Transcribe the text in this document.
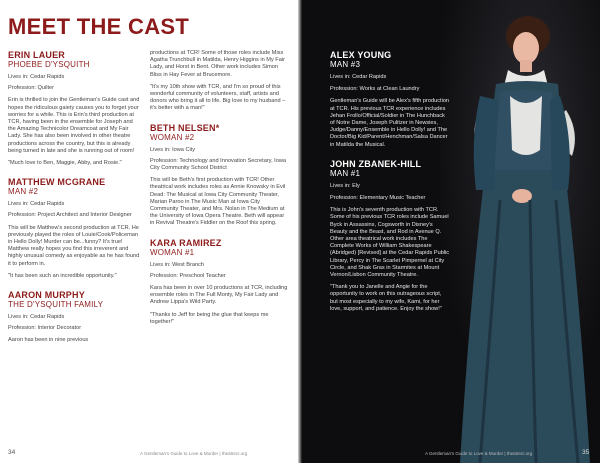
MEET THE CAST
ERIN LAUER
PHOEBE D'YSQUITH
Lives in: Cedar Rapids

Profession: Quilter

Erin is thrilled to join the Gentleman's Guide cast and hopes the ridiculous gaiety causes you to forget your worries for a while. This is Erin's third production at TCR, having been in the ensemble for Joseph and the Amazing Technicolor Dreamcoat and My Fair Lady. She has also been involved in other theatre productions across the country, but this is already being turned in late and she is running out of room!

"Much love to Ben, Maggie, Abby, and Rosie."

MATTHEW MCGRANE
MAN #2
Lives in: Cedar Rapids

Profession: Project Architect and Interior Designer

This will be Matthew's second production at TCR. He previously played the roles of Louie/Cook/Policeman in Hello Dolly! Murder can be...funny? It's true! Matthew really hopes you find this irreverent and highly unusual comedy as enjoyable as he has found it to perform in.

"It has been such an incredible opportunity."

AARON MURPHY
THE D'YSQUITH FAMILY
Lives in: Cedar Rapids

Profession: Interior Decorator

Aaron has been in nine previous

productions at TCR! Some of those roles include Miss Agatha Trunchbull in Matilda, Henry Higgins in My Fair Lady, and Horst in Bent. Other work includes Simon Bliss in Hay Fever at Brucemore.

"It's my 10th show with TCR, and I'm so proud of this wonderful community of volunteers, staff, artists and donors who bring it all to life. Big love to my husband – it's better with a man!"

BETH NELSEN*
WOMAN #2
Lives in: Iowa City

Profession: Technology and Innovation Secretary, Iowa City Community School District

This will be Beth's first production with TCR! Other theatrical work includes roles as Annie Knowsky in Evil Dead: The Musical at Iowa City Community Theater, Marian Paroo in The Music Man at Iowa City Community Theater, and Mrs. Nolan in The Medium at the University of Iowa Opera Theatre. Beth will appear in Revival Theatre's Fiddler on the Roof this spring.

KARA RAMIREZ
WOMAN #1
Lives in: West Branch

Profession: Preschool Teacher

Kara has been in over 10 productions at TCR, including ensemble roles in The Full Monty, My Fair Lady and Andrew Lippa's Wild Party.

"Thanks to Jeff for being the glue that keeps me together!"

ALEX YOUNG
MAN #3

Lives in: Cedar Rapids

Profession: Works at Clean Laundry

Gentleman's Guide will be Alex's fifth production at TCR. His previous TCR experience includes Jehan Frollo/Official/Soldier in The Hunchback of Notre Dame, Joseph Pulitzer in Newsies, Judge/Danny/Ensemble in Hello Dolly! and The Doctor/Big Kid/Parent/Henchman/Salsa Dancer in Matilda the Musical.

JOHN ZBANEK-HILL
MAN #1

Lives in: Ely

Profession: Elementary Music Teacher

This is John's seventh production with TCR. Some of his previous TCR roles include Samuel Byck in Assassins, Cogsworth in Disney's Beauty and the Beast, and Rod in Avenue Q. Other area theatrical work includes The Complete Works of William Shakespeare (Abridged) [Revised] at the Cedar Rapids Public Library, Percy in The Scarlet Pimpernel at City Circle, and Shak Gras in Starmites at Mount Vernon/Lisbon Community Theatre.

"Thank you to Janelle and Angie for the opportunity to work on this outrageous script, but most especially to my wife, Kami, for her love, support, and patience. Enjoy the show!"

34	A Gentleman's Guide to Love & Murder | theatrecr.org	A Gentleman's Guide to Love & Murder | theatrecr.org	35
